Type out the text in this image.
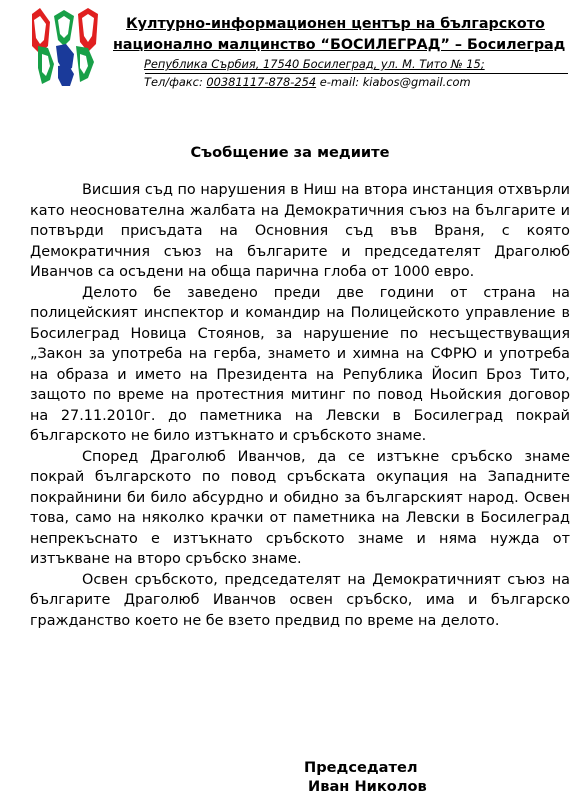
Културно-информационен център на българското
национално малцинство “БОСИЛЕГРАД” – Босилеград
Република Сърбия, 17540 Босилеград, ул. М. Тито № 15;
Тел/факс: 00381117-878-254 e-mail: kiabos@gmail.com
Съобщение за медиите

Висшия съд по нарушения в Ниш на втора инстанция отхвърли като неоснователна жалбата на Демократичния съюз на българите и потвърди присъдата на Основния съд във Враня, с която Демократичния съюз на българите и председателят Драголюб Иванчов са осъдени на обща парична глоба от 1000 евро.

Делото бе заведено преди две години от страна на полицейският инспектор и командир на Полицейското управление в Босилеград Новица Стоянов, за нарушение по несъществуващия „Закон за употреба на герба, знамето и химна на СФРЮ и употреба на образа и името на Президента на Република Йосип Броз Тито, защото по време на протестния митинг по повод Ньойския договор на 27.11.2010г. до паметника на Левски в Босилеград покрай българското не било изтъкнато и сръбското знаме.

Според Драголюб Иванчов, да се изтъкне сръбско знаме покрай българското по повод сръбската окупация на Западните покрайнини би било абсурдно и обидно за българският народ. Освен това, само на няколко крачки от паметника на Левски в Босилеград непрекъснато е изтъкнато сръбското знаме и няма нужда от изтъкване на второ сръбско знаме.

Освен сръбското, председателят на Демократичният съюз на българите Драголюб Иванчов освен сръбско, има и българско гражданство което не бе взето предвид по време на делото.

Председател
Иван Николов
